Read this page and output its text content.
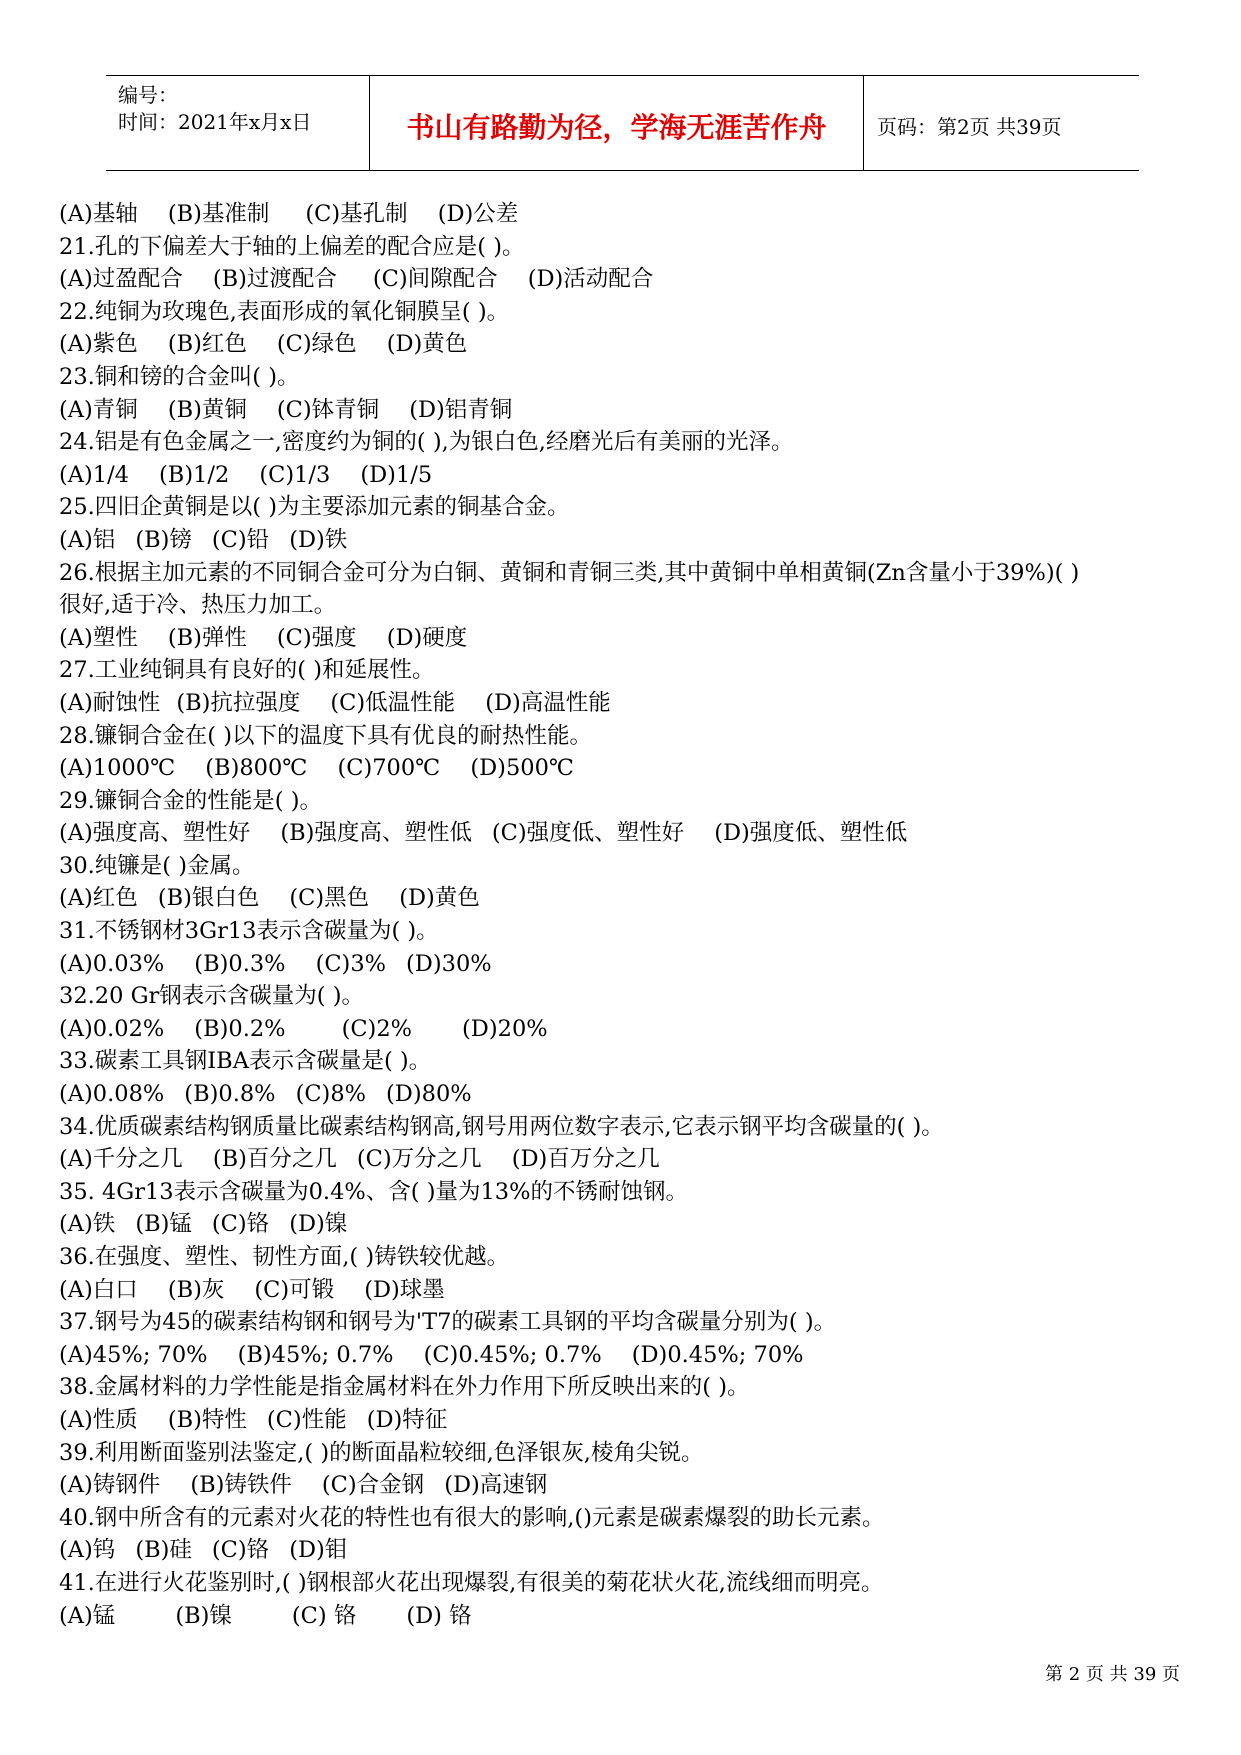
编号：
时间：2021年x月x日	书山有路勤为径，学海无涯苦作舟	页码：第2页 共39页
(A)基轴 (B)基准制 (C)基孔制 (D)公差
21.孔的下偏差大于轴的上偏差的配合应是( )。
(A)过盈配合 (B)过渡配合 (C)间隙配合 (D)活动配合
22.纯铜为玫瑰色,表面形成的氧化铜膜呈( )。
(A)紫色 (B)红色 (C)绿色 (D)黄色
23.铜和镑的合金叫( )。
(A)青铜 (B)黄铜 (C)钵青铜 (D)铝青铜
24.铝是有色金属之一,密度约为铜的( ),为银白色,经磨光后有美丽的光泽。
(A)1/4 (B)1/2 (C)1/3 (D)1/5
25.四旧企黄铜是以( )为主要添加元素的铜基合金。
(A)铝 (B)镑 (C)铅 (D)铁
26.根据主加元素的不同铜合金可分为白铜、黄铜和青铜三类,其中黄铜中单相黄铜(Zn含量小于39%)( )
很好,适于冷、热压力加工。
(A)塑性 (B)弹性 (C)强度 (D)硬度
27.工业纯铜具有良好的( )和延展性。
(A)耐蚀性 (B)抗拉强度 (C)低温性能 (D)高温性能
28.镰铜合金在( )以下的温度下具有优良的耐热性能。
(A)1000℃ (B)800℃ (C)700℃ (D)500℃
29.镰铜合金的性能是( )。
(A)强度高、塑性好 (B)强度高、塑性低 (C)强度低、塑性好 (D)强度低、塑性低
30.纯镰是( )金属。
(A)红色 (B)银白色 (C)黑色 (D)黄色
31.不锈钢材3Gr13表示含碳量为( )。
(A)0.03% (B)0.3% (C)3% (D)30%
32.20 Gr钢表示含碳量为( )。
(A)0.02% (B)0.2% (C)2% (D)20%
33.碳素工具钢IBA表示含碳量是( )。
(A)0.08% (B)0.8% (C)8% (D)80%
34.优质碳素结构钢质量比碳素结构钢高,钢号用两位数字表示,它表示钢平均含碳量的( )。
(A)千分之几 (B)百分之几 (C)万分之几 (D)百万分之几
35. 4Gr13表示含碳量为0.4%、含( )量为13%的不锈耐蚀钢。
(A)铁 (B)锰 (C)铬 (D)镍
36.在强度、塑性、韧性方面,( )铸铁较优越。
(A)白口 (B)灰 (C)可锻 (D)球墨
37.钢号为45的碳素结构钢和钢号为'T7的碳素工具钢的平均含碳量分别为( )。
(A)45%; 70% (B)45%; 0.7% (C)0.45%; 0.7% (D)0.45%; 70%
38.金属材料的力学性能是指金属材料在外力作用下所反映出来的( )。
(A)性质 (B)特性 (C)性能 (D)特征
39.利用断面鉴别法鉴定,( )的断面晶粒较细,色泽银灰,棱角尖锐。
(A)铸钢件 (B)铸铁件 (C)合金钢 (D)高速钢
40.钢中所含有的元素对火花的特性也有很大的影响,()元素是碳素爆裂的助长元素。
(A)钨 (B)硅 (C)铬 (D)钼
41.在进行火花鉴别时,( )钢根部火花出现爆裂,有很美的菊花状火花,流线细而明亮。
(A)锰	(B)镍	(C) 铬 (D) 铬
第 2 页 共 39 页
